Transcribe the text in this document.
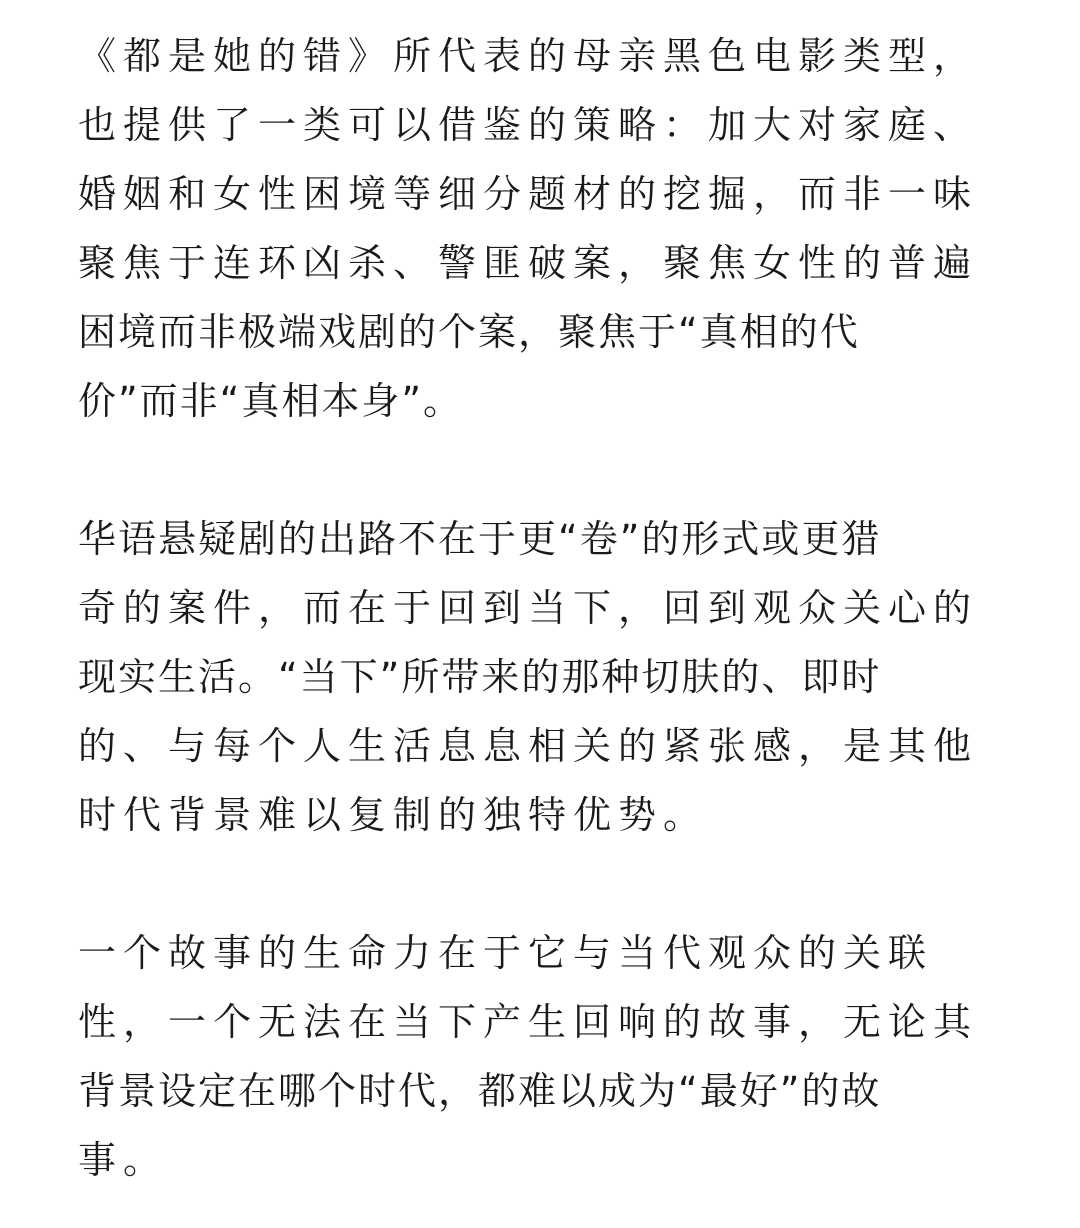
《都是她的错》所代表的母亲黑色电影类型，
也提供了一类可以借鉴的策略：加大对家庭、
婚姻和女性困境等细分题材的挖掘，而非一味
聚焦于连环凶杀、警匪破案，聚焦女性的普遍
困境而非极端戏剧的个案，聚焦于“真相的代
价”而非“真相本身”。
华语悬疑剧的出路不在于更“卷”的形式或更猎
奇的案件，而在于回到当下，回到观众关心的
现实生活。“当下”所带来的那种切肤的、即时
的、与每个人生活息息相关的紧张感，是其他
时代背景难以复制的独特优势。
一个故事的生命力在于它与当代观众的关联
性，一个无法在当下产生回响的故事，无论其
背景设定在哪个时代，都难以成为“最好”的故
事。
